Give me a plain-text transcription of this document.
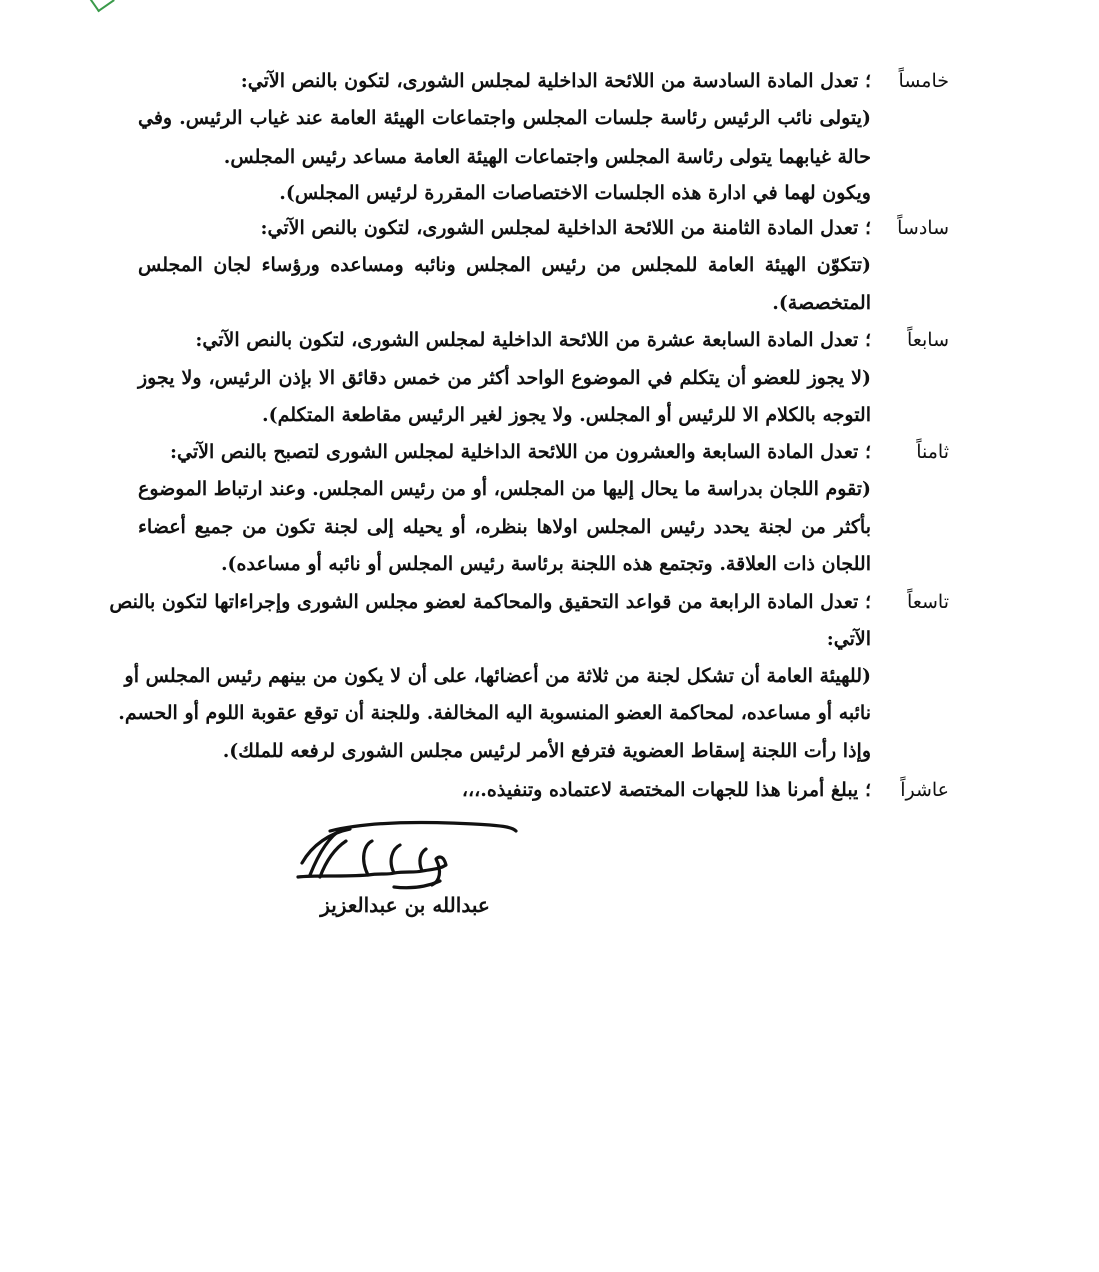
خامساً
؛ تعدل المادة السادسة من اللائحة الداخلية لمجلس الشورى، لتكون بالنص الآتي:
(يتولى نائب الرئيس رئاسة جلسات المجلس واجتماعات الهيئة العامة عند غياب الرئيس. وفي
حالة غيابهما يتولى رئاسة المجلس واجتماعات الهيئة العامة مساعد رئيس المجلس.
ويكون لهما في ادارة هذه الجلسات الاختصاصات المقررة لرئيس المجلس).
سادساً
؛ تعدل المادة الثامنة من اللائحة الداخلية لمجلس الشورى، لتكون بالنص الآتي:
(تتكوّن الهيئة العامة للمجلس من رئيس المجلس ونائبه ومساعده ورؤساء لجان المجلس
المتخصصة).
سابعاً
؛ تعدل المادة السابعة عشرة من اللائحة الداخلية لمجلس الشورى، لتكون بالنص الآتي:
(لا يجوز للعضو أن يتكلم في الموضوع الواحد أكثر من خمس دقائق الا بإذن الرئيس، ولا يجوز
التوجه بالكلام الا للرئيس أو المجلس. ولا يجوز لغير الرئيس مقاطعة المتكلم).
ثامناً
؛ تعدل المادة السابعة والعشرون من اللائحة الداخلية لمجلس الشورى لتصبح بالنص الآتي:
(تقوم اللجان بدراسة ما يحال إليها من المجلس، أو من رئيس المجلس. وعند ارتباط الموضوع
بأكثر من لجنة يحدد رئيس المجلس اولاها بنظره، أو يحيله إلى لجنة تكون من جميع أعضاء
اللجان ذات العلاقة. وتجتمع هذه اللجنة برئاسة رئيس المجلس أو نائبه أو مساعده).
تاسعاً
؛ تعدل المادة الرابعة من قواعد التحقيق والمحاكمة لعضو مجلس الشورى وإجراءاتها لتكون بالنص
الآتي:
(للهيئة العامة أن تشكل لجنة من ثلاثة من أعضائها، على أن لا يكون من بينهم رئيس المجلس أو
نائبه أو مساعده، لمحاكمة العضو المنسوبة اليه المخالفة. وللجنة أن توقع عقوبة اللوم أو الحسم.
وإذا رأت اللجنة إسقاط العضوية فترفع الأمر لرئيس مجلس الشورى لرفعه للملك).
عاشراً
؛ يبلغ أمرنا هذا للجهات المختصة لاعتماده وتنفيذه.،،،
عبدالله بن عبدالعزيز
